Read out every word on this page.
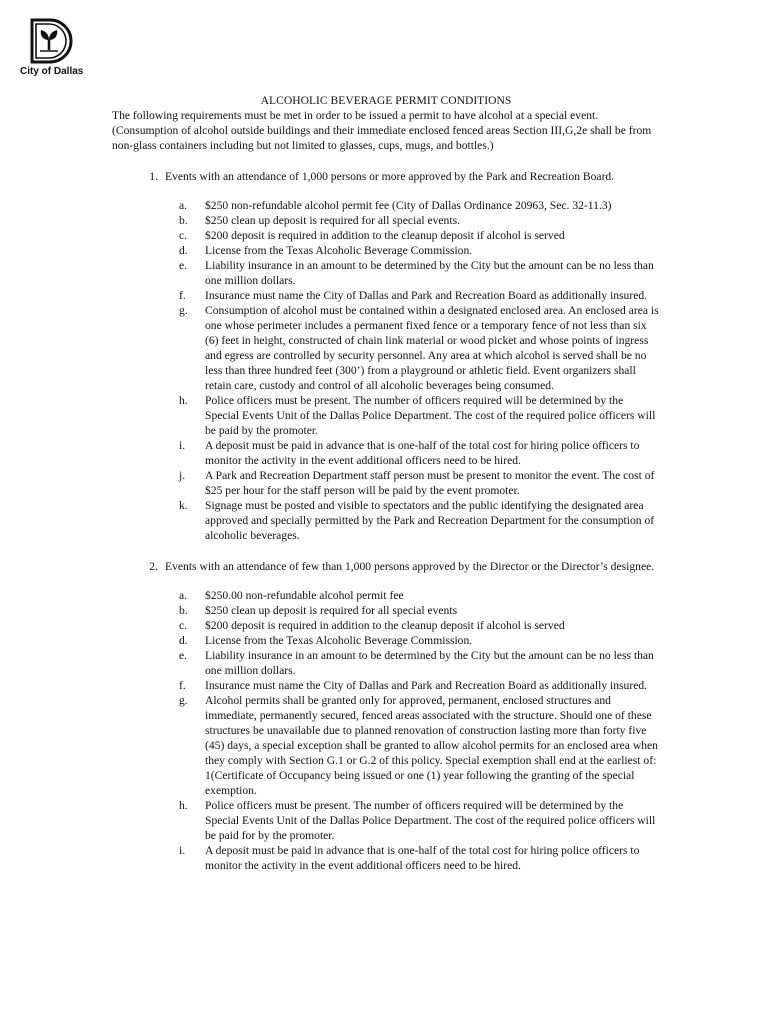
City of Dallas

ALCOHOLIC BEVERAGE PERMIT CONDITIONS

The following requirements must be met in order to be issued a permit to have alcohol at a special event. (Consumption of alcohol outside buildings and their immediate enclosed fenced areas Section III,G,2e shall be from non-glass containers including but not limited to glasses, cups, mugs, and bottles.)

1. Events with an attendance of 1,000 persons or more approved by the Park and Recreation Board.
a.	$250 non-refundable alcohol permit fee (City of Dallas Ordinance 20963, Sec. 32-11.3)
b.	$250 clean up deposit is required for all special events.
c.	$200 deposit is required in addition to the cleanup deposit if alcohol is served
d.	License from the Texas Alcoholic Beverage Commission.
e.	Liability insurance in an amount to be determined by the City but the amount can be no less than one million dollars.
f.	Insurance must name the City of Dallas and Park and Recreation Board as additionally insured.
g.	Consumption of alcohol must be contained within a designated enclosed area. An enclosed area is one whose perimeter includes a permanent fixed fence or a temporary fence of not less than six (6) feet in height, constructed of chain link material or wood picket and whose points of ingress and egress are controlled by security personnel. Any area at which alcohol is served shall be no less than three hundred feet (300’) from a playground or athletic field. Event organizers shall retain care, custody and control of all alcoholic beverages being consumed.
h.	Police officers must be present. The number of officers required will be determined by the Special Events Unit of the Dallas Police Department. The cost of the required police officers will be paid by the promoter.
i.	A deposit must be paid in advance that is one-half of the total cost for hiring police officers to monitor the activity in the event additional officers need to be hired.
j.	A Park and Recreation Department staff person must be present to monitor the event. The cost of $25 per hour for the staff person will be paid by the event promoter.
k.	Signage must be posted and visible to spectators and the public identifying the designated area approved and specially permitted by the Park and Recreation Department for the consumption of alcoholic beverages.
2. Events with an attendance of few than 1,000 persons approved by the Director or the Director’s designee.
a.	$250.00 non-refundable alcohol permit fee
b.	$250 clean up deposit is required for all special events
c.	$200 deposit is required in addition to the cleanup deposit if alcohol is served
d.	License from the Texas Alcoholic Beverage Commission.
e.	Liability insurance in an amount to be determined by the City but the amount can be no less than one million dollars.
f.	Insurance must name the City of Dallas and Park and Recreation Board as additionally insured.
g.	Alcohol permits shall be granted only for approved, permanent, enclosed structures and immediate, permanently secured, fenced areas associated with the structure. Should one of these structures be unavailable due to planned renovation of construction lasting more than forty five (45) days, a special exception shall be granted to allow alcohol permits for an enclosed area when they comply with Section G.1 or G.2 of this policy. Special exemption shall end at the earliest of: 1(Certificate of Occupancy being issued or one (1) year following the granting of the special exemption.
h.	Police officers must be present. The number of officers required will be determined by the Special Events Unit of the Dallas Police Department. The cost of the required police officers will be paid for by the promoter.
i.	A deposit must be paid in advance that is one-half of the total cost for hiring police officers to monitor the activity in the event additional officers need to be hired.
